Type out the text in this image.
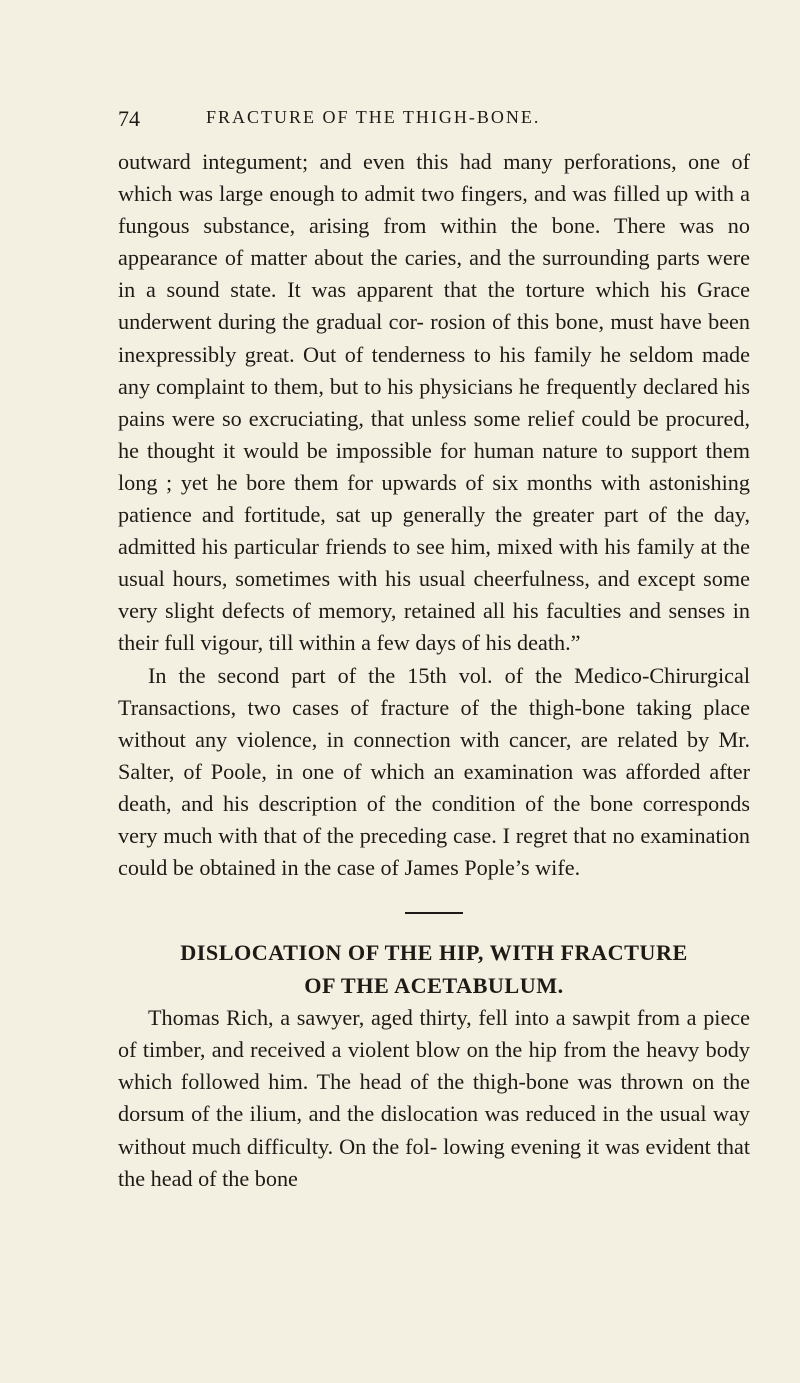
74	FRACTURE OF THE THIGH-BONE.

outward integument; and even this had many perforations, one of which was large enough to admit two fingers, and was filled up with a fungous substance, arising from within the bone. There was no appearance of matter about the caries, and the surrounding parts were in a sound state. It was apparent that the torture which his Grace underwent during the gradual cor- rosion of this bone, must have been inexpressibly great. Out of tenderness to his family he seldom made any complaint to them, but to his physicians he frequently declared his pains were so excruciating, that unless some relief could be procured, he thought it would be impossible for human nature to support them long ; yet he bore them for upwards of six months with astonishing patience and fortitude, sat up generally the greater part of the day, admitted his particular friends to see him, mixed with his family at the usual hours, sometimes with his usual cheerfulness, and except some very slight defects of memory, retained all his faculties and senses in their full vigour, till within a few days of his death.”

In the second part of the 15th vol. of the Medico-Chirurgical Transactions, two cases of fracture of the thigh-bone taking place without any violence, in connection with cancer, are related by Mr. Salter, of Poole, in one of which an examination was afforded after death, and his description of the condition of the bone corresponds very much with that of the preceding case. I regret that no examination could be obtained in the case of James Pople’s wife.

DISLOCATION OF THE HIP, WITH FRACTURE
OF THE ACETABULUM.

Thomas Rich, a sawyer, aged thirty, fell into a sawpit from a piece of timber, and received a violent blow on the hip from the heavy body which followed him. The head of the thigh-bone was thrown on the dorsum of the ilium, and the dislocation was reduced in the usual way without much difficulty. On the fol- lowing evening it was evident that the head of the bone
